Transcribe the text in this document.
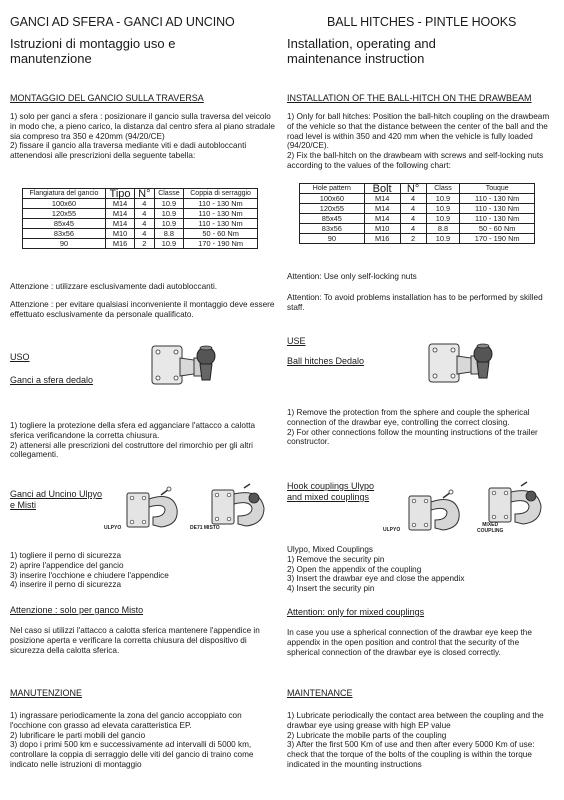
GANCI AD SFERA - GANCI AD UNCINO
Istruzioni di montaggio uso e
manutenzione
MONTAGGIO DEL GANCIO SULLA TRAVERSA

1) solo per ganci a sfera : posizionare il gancio sulla traversa del veicolo in modo che, a pieno carico, la distanza dal centro sfera al piano stradale sia compreso tra 350 e 420mm (94/20/CE)

2) fissare il gancio alla traversa mediante viti e dadi autobloccanti attenendosi alle prescrizioni della seguente tabella:

Flangiatura del gancio	Tipo	N°	Classe	Coppia di serraggio
100x60	M14	4	10.9	110 - 130 Nm
120x55	M14	4	10.9	110 - 130 Nm
85x45	M14	4	10.9	110 - 130 Nm
83x56	M10	4	8.8	50 - 60 Nm
90	M16	2	10.9	170 - 190 Nm
Attenzione : utilizzare esclusivamente dadi autobloccanti.
Attenzione : per evitare qualsiasi inconveniente il montaggio deve essere effettuato esclusivamente da personale qualificato.
USO
Ganci a sfera dedalo

1) togliere la protezione della sfera ed agganciare l'attacco a calotta sferica verificandone la corretta chiusura.

2) attenersi alle prescrizioni del costruttore del rimorchio per gli altri collegamenti.

Ganci ad Uncino Ulpyo
e Misti
ULPYO	DE71 MISTO

1) togliere il perno di sicurezza

2) aprire l'appendice del gancio

3) inserire l'occhione e chiudere l'appendice

4) inserire il perno di sicurezza

Attenzione : solo per ganco Misto
Nel caso si utilizzi l'attacco a calotta sferica mantenere l'appendice in posizione aperta e verificare la corretta chiusura del dispositivo di sicurezza della calotta sferica.
MANUTENZIONE

1) ingrassare periodicamente la zona del gancio accoppiato con l'occhione con grasso ad elevata caratteristica EP.

2) lubrificare le parti mobili del gancio

3) dopo i primi 500 km e successivamente ad intervalli di 5000 km, controllare la coppia di serraggio delle viti del gancio di traino come indicato nelle istruzioni di montaggio

BALL HITCHES - PINTLE HOOKS
Installation, operating and
maintenance instruction
INSTALLATION OF THE BALL-HITCH ON THE DRAWBEAM

1) Only for ball hitches: Position the ball-hitch coupling on the drawbeam of the vehicle so that the distance between the center of the ball and the road level is within 350 and 420 mm when the vehicle is fully loaded (94/20/CE).

2) Fix the ball-hitch on the drawbeam with screws and self-locking nuts according to the values of the following chart:

Hole pattern	Bolt	N°	Class	Touque
100x60	M14	4	10.9	110 - 130 Nm
120x55	M14	4	10.9	110 - 130 Nm
85x45	M14	4	10.9	110 - 130 Nm
83x56	M10	4	8.8	50 - 60 Nm
90	M16	2	10.9	170 - 190 Nm
Attention: Use only self-locking nuts
Attention: To avoid problems installation has to be performed by skilled staff.
USE
Ball hitches Dedalo

1) Remove the protection from the sphere and couple the spherical connection of the drawbar eye, controlling the correct closing.

2) For other connections follow the mounting instructions of the trailer constructor.

Hook couplings Ulypo
and mixed couplings
ULPYO
MIXED
COUPLING

Ulypo, Mixed Couplings

1) Remove the security pin

2) Open the appendix of the coupling

3) Insert the drawbar eye and close the appendix

4) Insert the security pin

Attention: only for mixed couplings
In case you use a spherical connection of the drawbar eye keep the appendix in the open position and control that the security of the spherical connection of the drawbar eye is closed correctly.
MAINTENANCE

1) Lubricate periodically the contact area between the coupling and the drawbar eye using grease with high EP value

2) Lubricate the mobile parts of the coupling

3) After the first 500 Km of use and then after every 5000 Km of use: check that the torque of the bolts of the coupling is within the torque indicated in the mounting instructions
